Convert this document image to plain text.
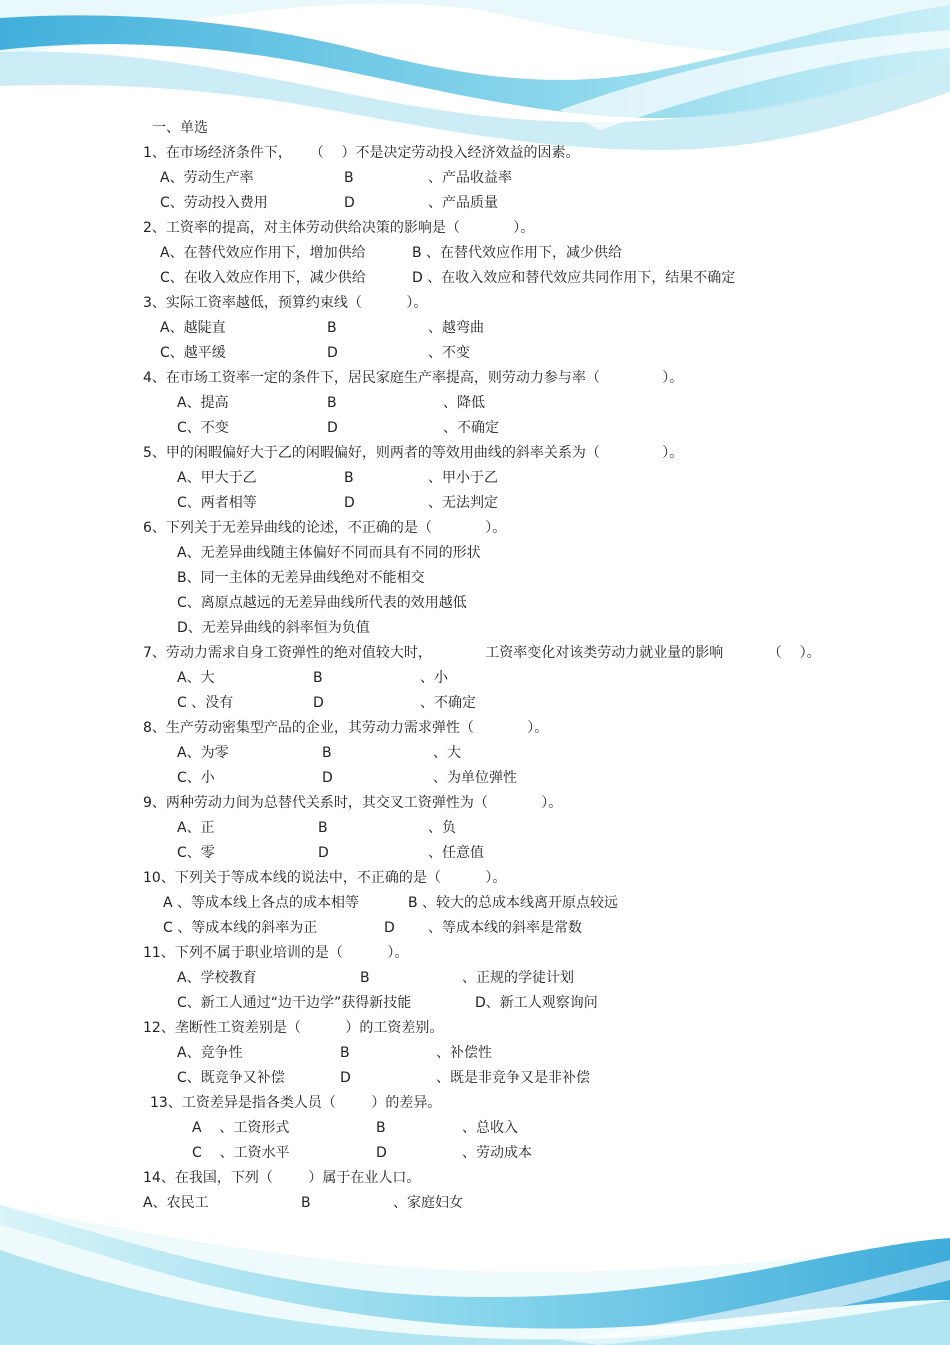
一、单选
1、在市场经济条件下，    （    ）不是决定劳动投入经济效益的因素。
A、劳动生产率	B	、产品收益率
C、劳动投入费用	D	、产品质量
2、工资率的提高，对主体劳动供给决策的影响是（            ）。
A、在替代效应作用下，增加供给	B 、在替代效应作用下，减少供给
C、在收入效应作用下，减少供给	D 、在收入效应和替代效应共同作用下，结果不确定
3、实际工资率越低，预算约束线（          ）。
A、越陡直	B	、越弯曲
C、越平缓	D	、不变
4、在市场工资率一定的条件下，居民家庭生产率提高，则劳动力参与率（              ）。
A、提高	B	、降低
C、不变	D	、不确定
5、甲的闲暇偏好大于乙的闲暇偏好，则两者的等效用曲线的斜率关系为（              ）。
A、甲大于乙	B	、甲小于乙
C、两者相等	D	、无法判定
6、下列关于无差异曲线的论述，不正确的是（            ）。
A、无差异曲线随主体偏好不同而具有不同的形状
B、同一主体的无差异曲线绝对不能相交
C、离原点越远的无差异曲线所代表的效用越低
D、无差异曲线的斜率恒为负值
7、劳动力需求自身工资弹性的绝对值较大时，            工资率变化对该类劳动力就业量的影响          （    ）。
A、大	B	、小
C 、没有	D	、不确定
8、生产劳动密集型产品的企业，其劳动力需求弹性（            ）。
A、为零	B	、大
C、小	D	、为单位弹性
9、两种劳动力间为总替代关系时，其交叉工资弹性为（            ）。
A、正	B	、负
C、零	D	、任意值
10、下列关于等成本线的说法中，不正确的是（          ）。
A 、等成本线上各点的成本相等	B 、较大的总成本线离开原点较远
C 、等成本线的斜率为正	D 、等成本线的斜率是常数
11、下列不属于职业培训的是（          ）。
A、学校教育	B	、正规的学徒计划
C、新工人通过“边干边学”获得新技能	D、新工人观察询问
12、垄断性工资差别是（          ）的工资差别。
A、竞争性	B	、补偿性
C、既竞争又补偿	D	、既是非竞争又是非补偿
13、工资差异是指各类人员（        ）的差异。
A    、工资形式	B	、总收入
C    、工资水平	D	、劳动成本
14、在我国，下列（        ）属于在业人口。
A、农民工	B	、家庭妇女
